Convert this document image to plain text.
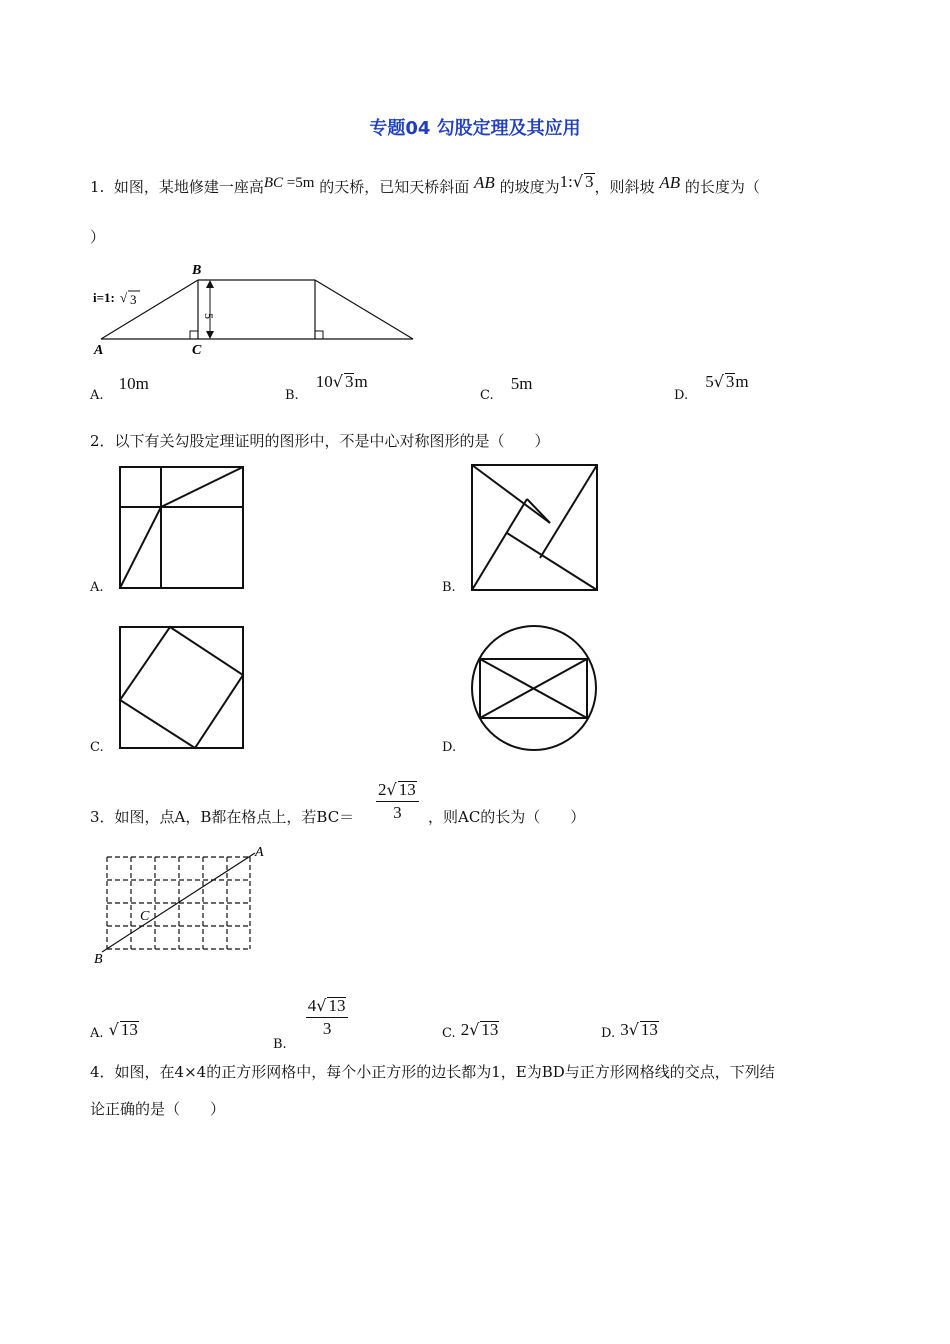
专题04 勾股定理及其应用
1. 如图，某地修建一座高BC =5m 的天桥，已知天桥斜面 AB 的坡度为1:√ 3，则斜坡 AB 的长度为（
）
5
i=1: √ 3
B
A	C
$_{A.}$ 10m
$_{B.}$ 10√ 3m
$_{C.}$ 5m
$_{D.}$ 5√ 3m
2．以下有关勾股定理证明的图形中，不是中心对称图形的是（　　）
A.	B.
C.	D.
3．如图，点A，B都在格点上，若$BC= \frac{2√ 13}{3}$ ，则AC的长为（　　）
A
B
C
A. √ 13
$_{B.}$
$\frac{4√ 13}{3}$	C. 2√ 13	D. 3√ 13
4．如图，在4×4的正方形网格中，每个小正方形的边长都为1，E为BD与正方形网格线的交点，下列结
论正确的是（　　）
